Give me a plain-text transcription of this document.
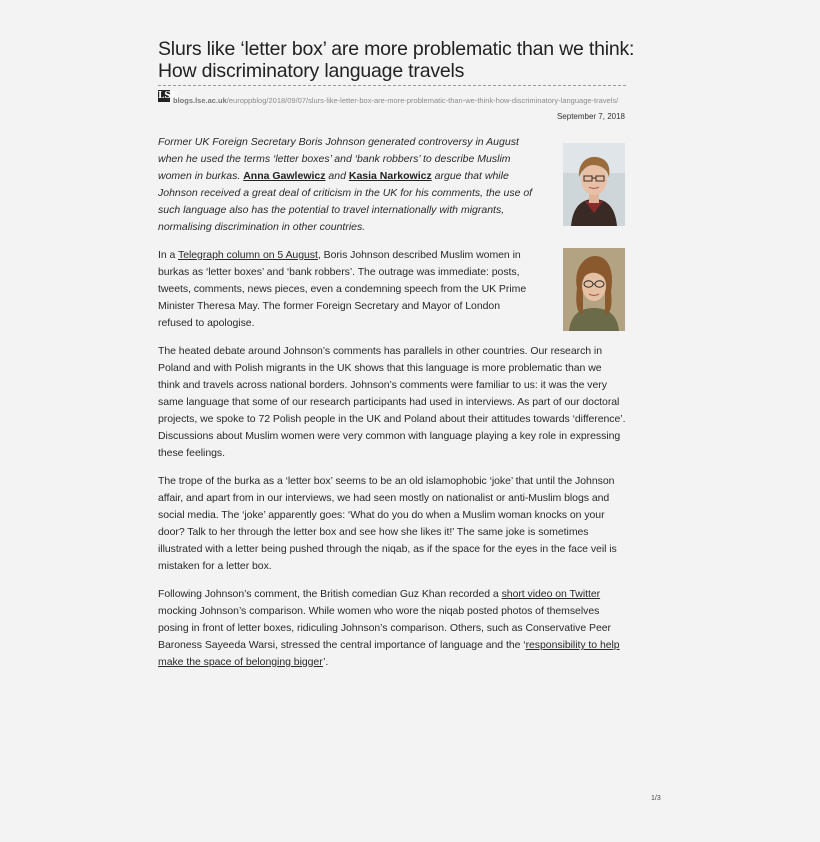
Slurs like ‘letter box’ are more problematic than we think: How discriminatory language travels
LSEblogs.lse.ac.uk/europpblog/2018/09/07/slurs-like-letter-box-are-more-problematic-than-we-think-how-discriminatory-language-travels/
September 7, 2018

Former UK Foreign Secretary Boris Johnson generated controversy in August when he used the terms ‘letter boxes’ and ‘bank robbers’ to describe Muslim women in burkas. Anna Gawlewicz and Kasia Narkowicz argue that while Johnson received a great deal of criticism in the UK for his comments, the use of such language also has the potential to travel internationally with migrants, normalising discrimination in other countries.

In a Telegraph column on 5 August, Boris Johnson described Muslim women in burkas as ‘letter boxes’ and ‘bank robbers’. The outrage was immediate: posts, tweets, comments, news pieces, even a condemning speech from the UK Prime Minister Theresa May. The former Foreign Secretary and Mayor of London refused to apologise.

The heated debate around Johnson’s comments has parallels in other countries. Our research in Poland and with Polish migrants in the UK shows that this language is more problematic than we think and travels across national borders. Johnson’s comments were familiar to us: it was the very same language that some of our research participants had used in interviews. As part of our doctoral projects, we spoke to 72 Polish people in the UK and Poland about their attitudes towards ‘difference’. Discussions about Muslim women were very common with language playing a key role in expressing these feelings.

The trope of the burka as a ‘letter box’ seems to be an old islamophobic ‘joke’ that until the Johnson affair, and apart from in our interviews, we had seen mostly on nationalist or anti-Muslim blogs and social media. The ‘joke’ apparently goes: ‘What do you do when a Muslim woman knocks on your door? Talk to her through the letter box and see how she likes it!’ The same joke is sometimes illustrated with a letter being pushed through the niqab, as if the space for the eyes in the face veil is mistaken for a letter box.

Following Johnson’s comment, the British comedian Guz Khan recorded a short video on Twitter mocking Johnson’s comparison. While women who wore the niqab posted photos of themselves posing in front of letter boxes, ridiculing Johnson’s comparison. Others, such as Conservative Peer Baroness Sayeeda Warsi, stressed the central importance of language and the ‘responsibility to help make the space of belonging bigger’.

1/3
